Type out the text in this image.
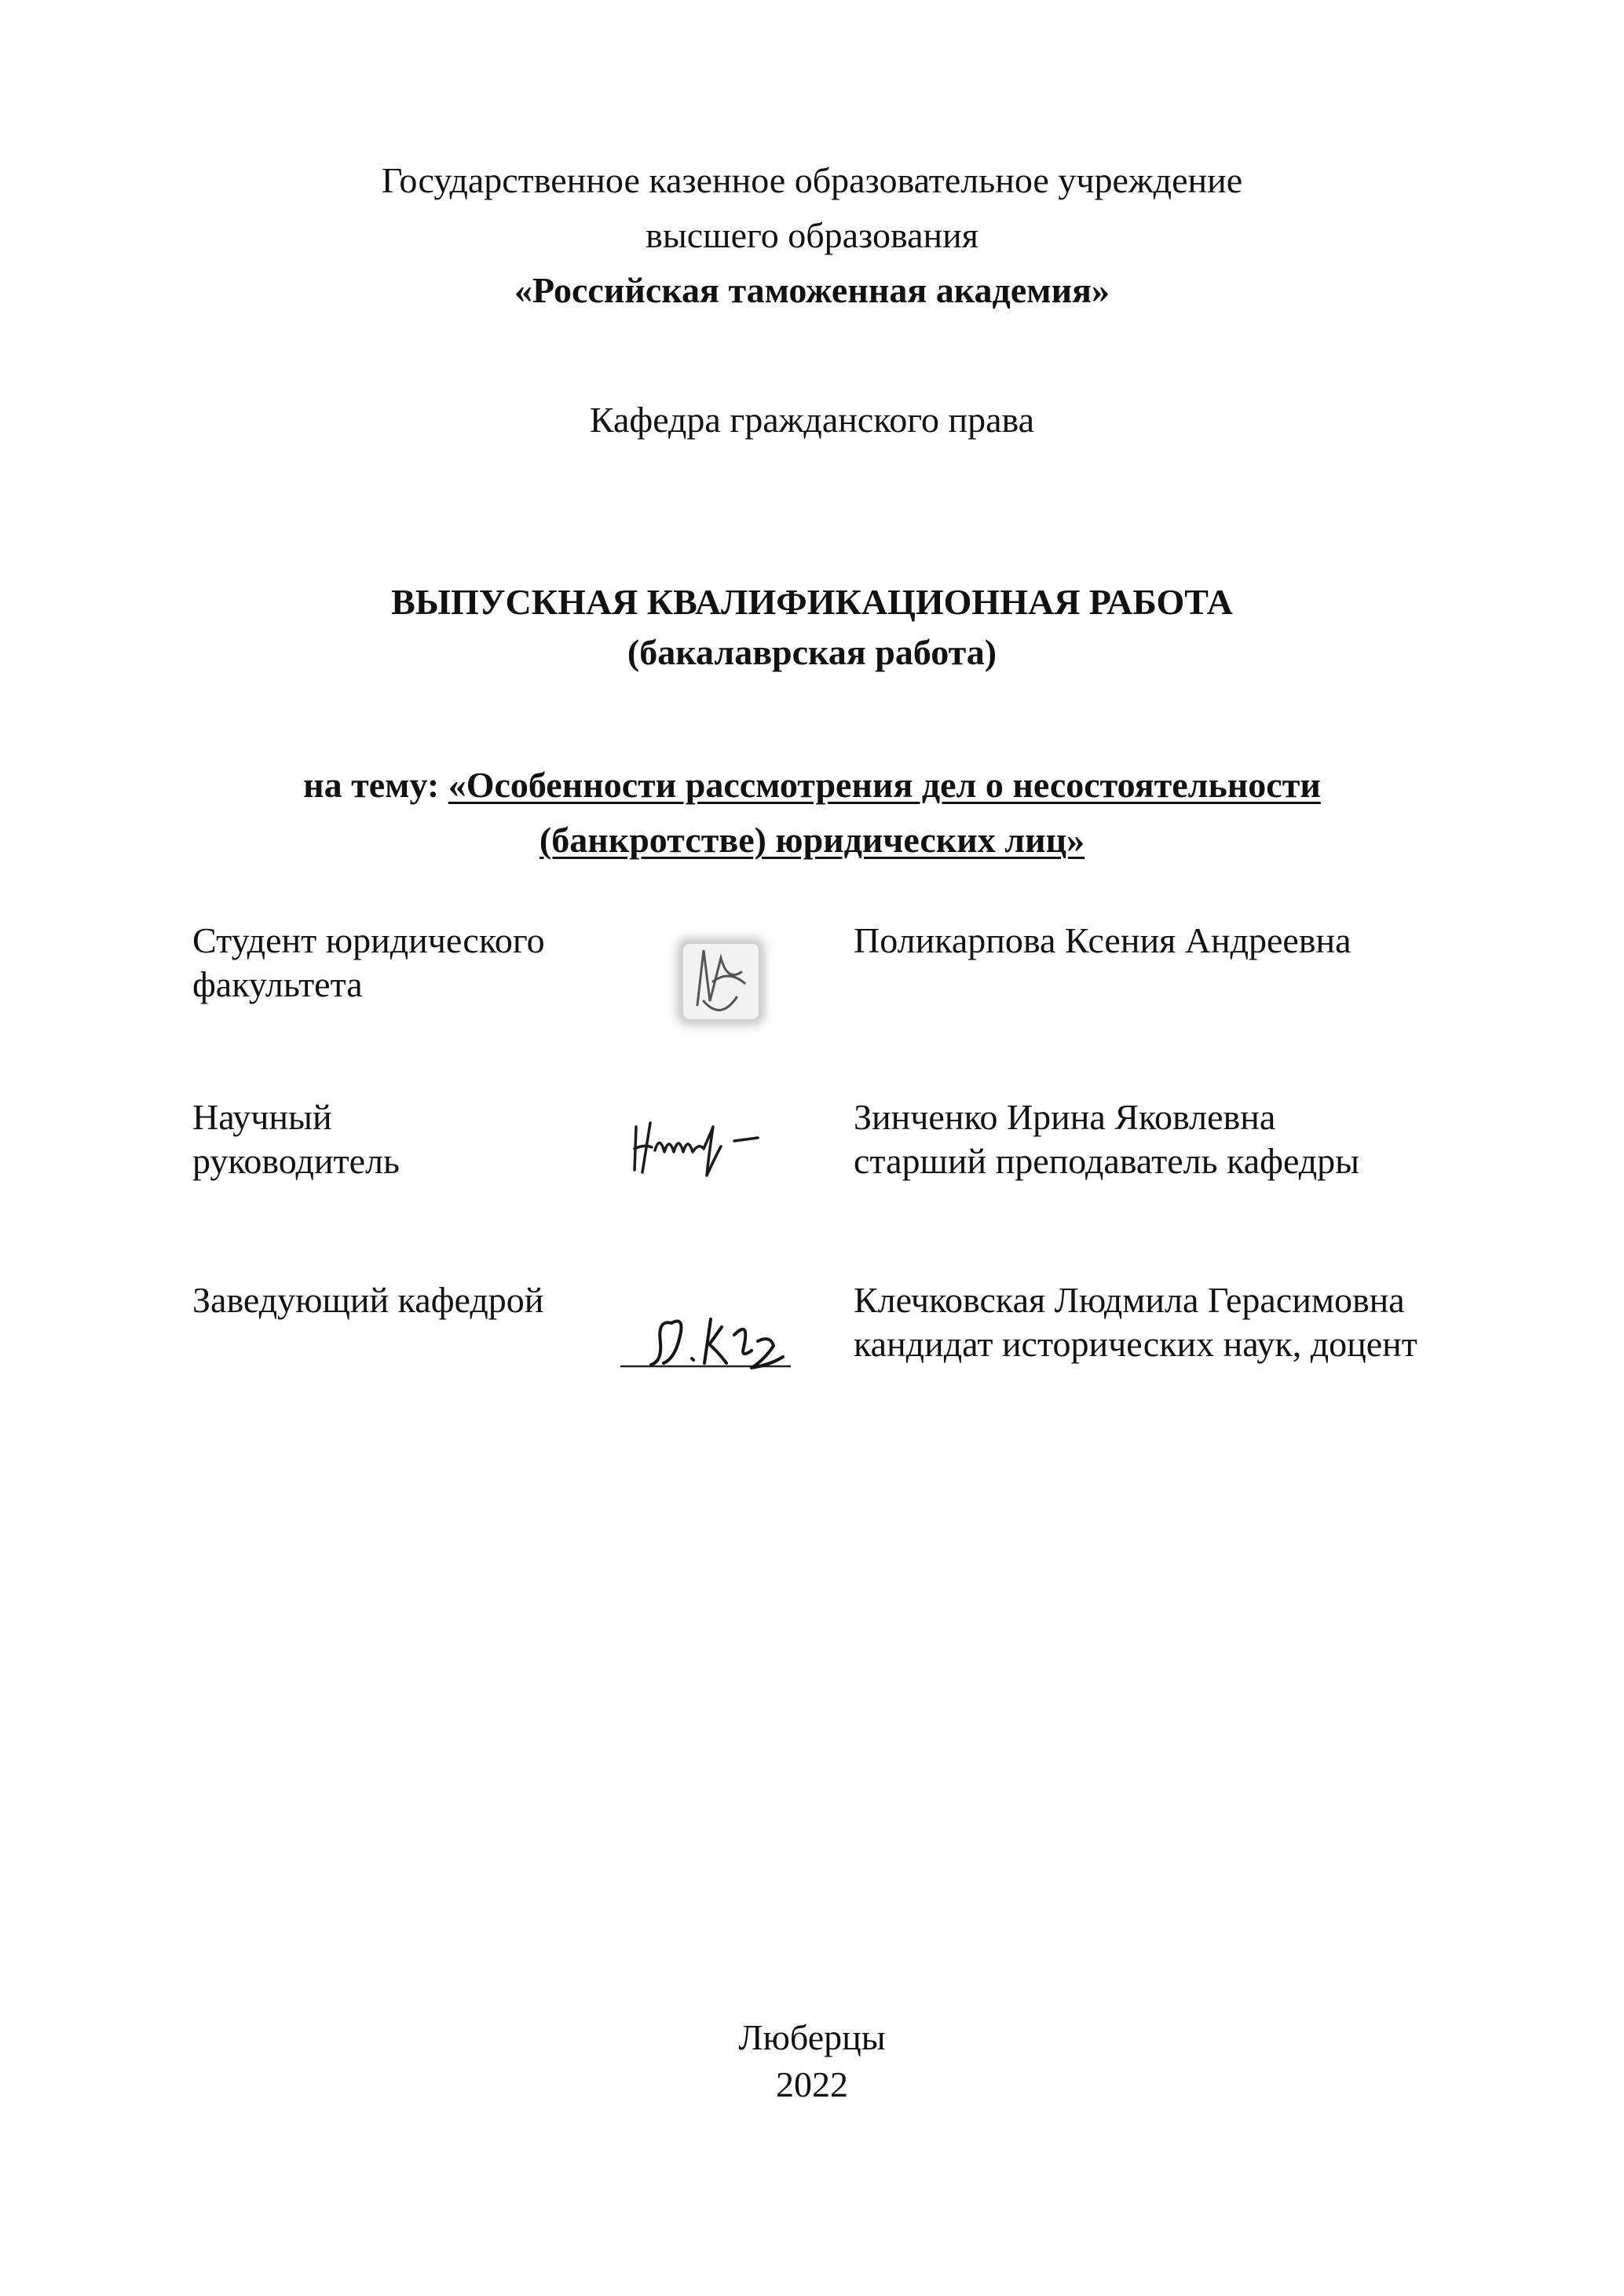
Государственное казенное образовательное учреждение
высшего образования
«Российская таможенная академия»
Кафедра гражданского права
ВЫПУСКНАЯ КВАЛИФИКАЦИОННАЯ РАБОТА
(бакалаврская работа)
на тему: «Особенности рассмотрения дел о несостоятельности
(банкротстве) юридических лиц»
Студент юридического
факультета
Поликарпова Ксения Андреевна
Научный
руководитель
Зинченко Ирина Яковлевна
старший преподаватель кафедры
Заведующий кафедрой	Клечковская Людмила Герасимовна
кандидат исторических наук, доцент
Люберцы
2022
